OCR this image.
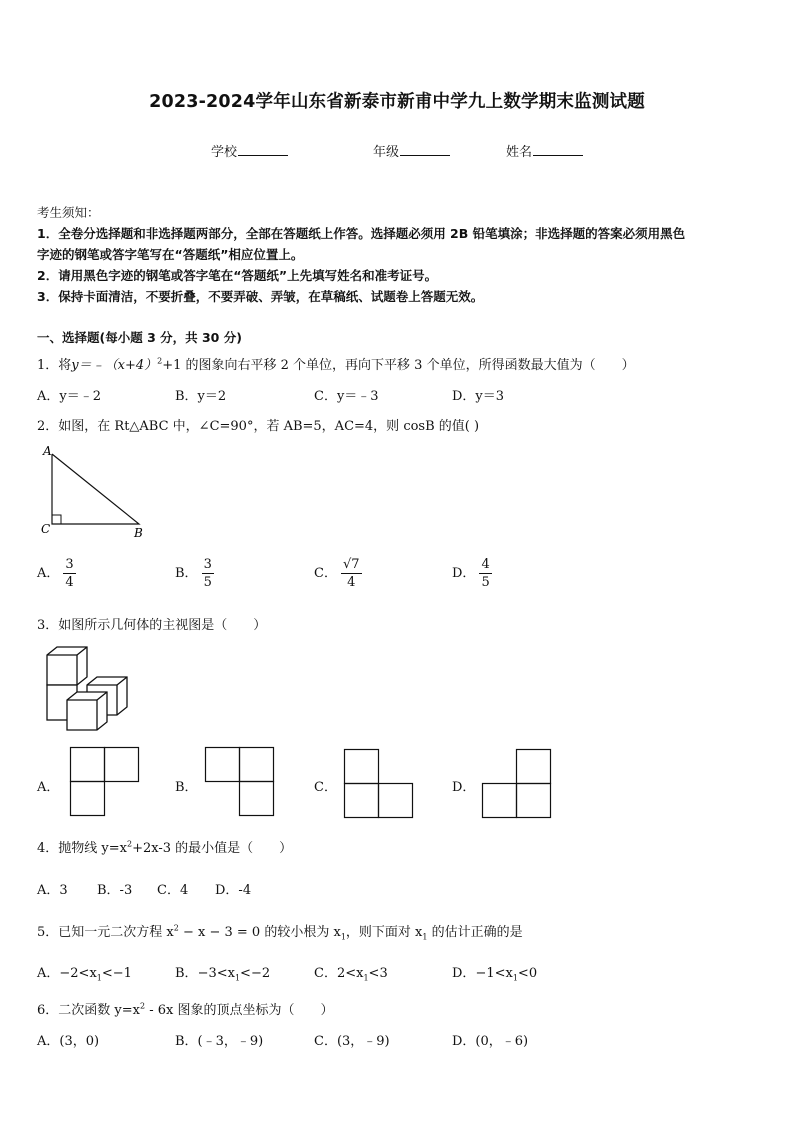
2023-2024学年山东省新泰市新甫中学九上数学期末监测试题
学校	年级	姓名
考生须知：
1．全卷分选择题和非选择题两部分，全部在答题纸上作答。选择题必须用 2B 铅笔填涂；非选择题的答案必须用黑色
字迹的钢笔或答字笔写在“答题纸”相应位置上。
2．请用黑色字迹的钢笔或答字笔在“答题纸”上先填写姓名和准考证号。
3．保持卡面清洁，不要折叠，不要弄破、弄皱，在草稿纸、试题卷上答题无效。
一、选择题(每小题 3 分，共 30 分)
1．将$y=﹣(x+4)^2+1$ 的图象向右平移 2 个单位，再向下平移 3 个单位，所得函数最大值为（　　）
A．y＝﹣2	B．y＝2	C．y＝﹣3	D．y＝3
2．如图，在 Rt△ABC 中，∠C=90°，若 AB=5，AC=4，则 cosB 的值( )
A
C	B
A． $\frac{3}{4}$	B． $\frac{3}{5}$	C． $\frac{√7}{4}$	D． $\frac{4}{5}$
3．如图所示几何体的主视图是（　　）
A．	B．	C．	D．
4．抛物线 $y=x^2+2x-3$ 的最小值是（　　）
A．3 B．-3 C．4 D．-4
5．已知一元二次方程 $x^2 - x - 3 = 0$ 的较小根为 $x_1$，则下面对 $x_1$ 的估计正确的是
A．$-2<x_1<-1$	B．$-3<x_1<-2$	C．$2<x_1<3$	D．$-1<x_1<0$
6．二次函数 $y=x^2 - 6x$ 图象的顶点坐标为（　　）
A．(3，0)	B．(﹣3，﹣9)	C．(3，﹣9)	D．(0，﹣6)
